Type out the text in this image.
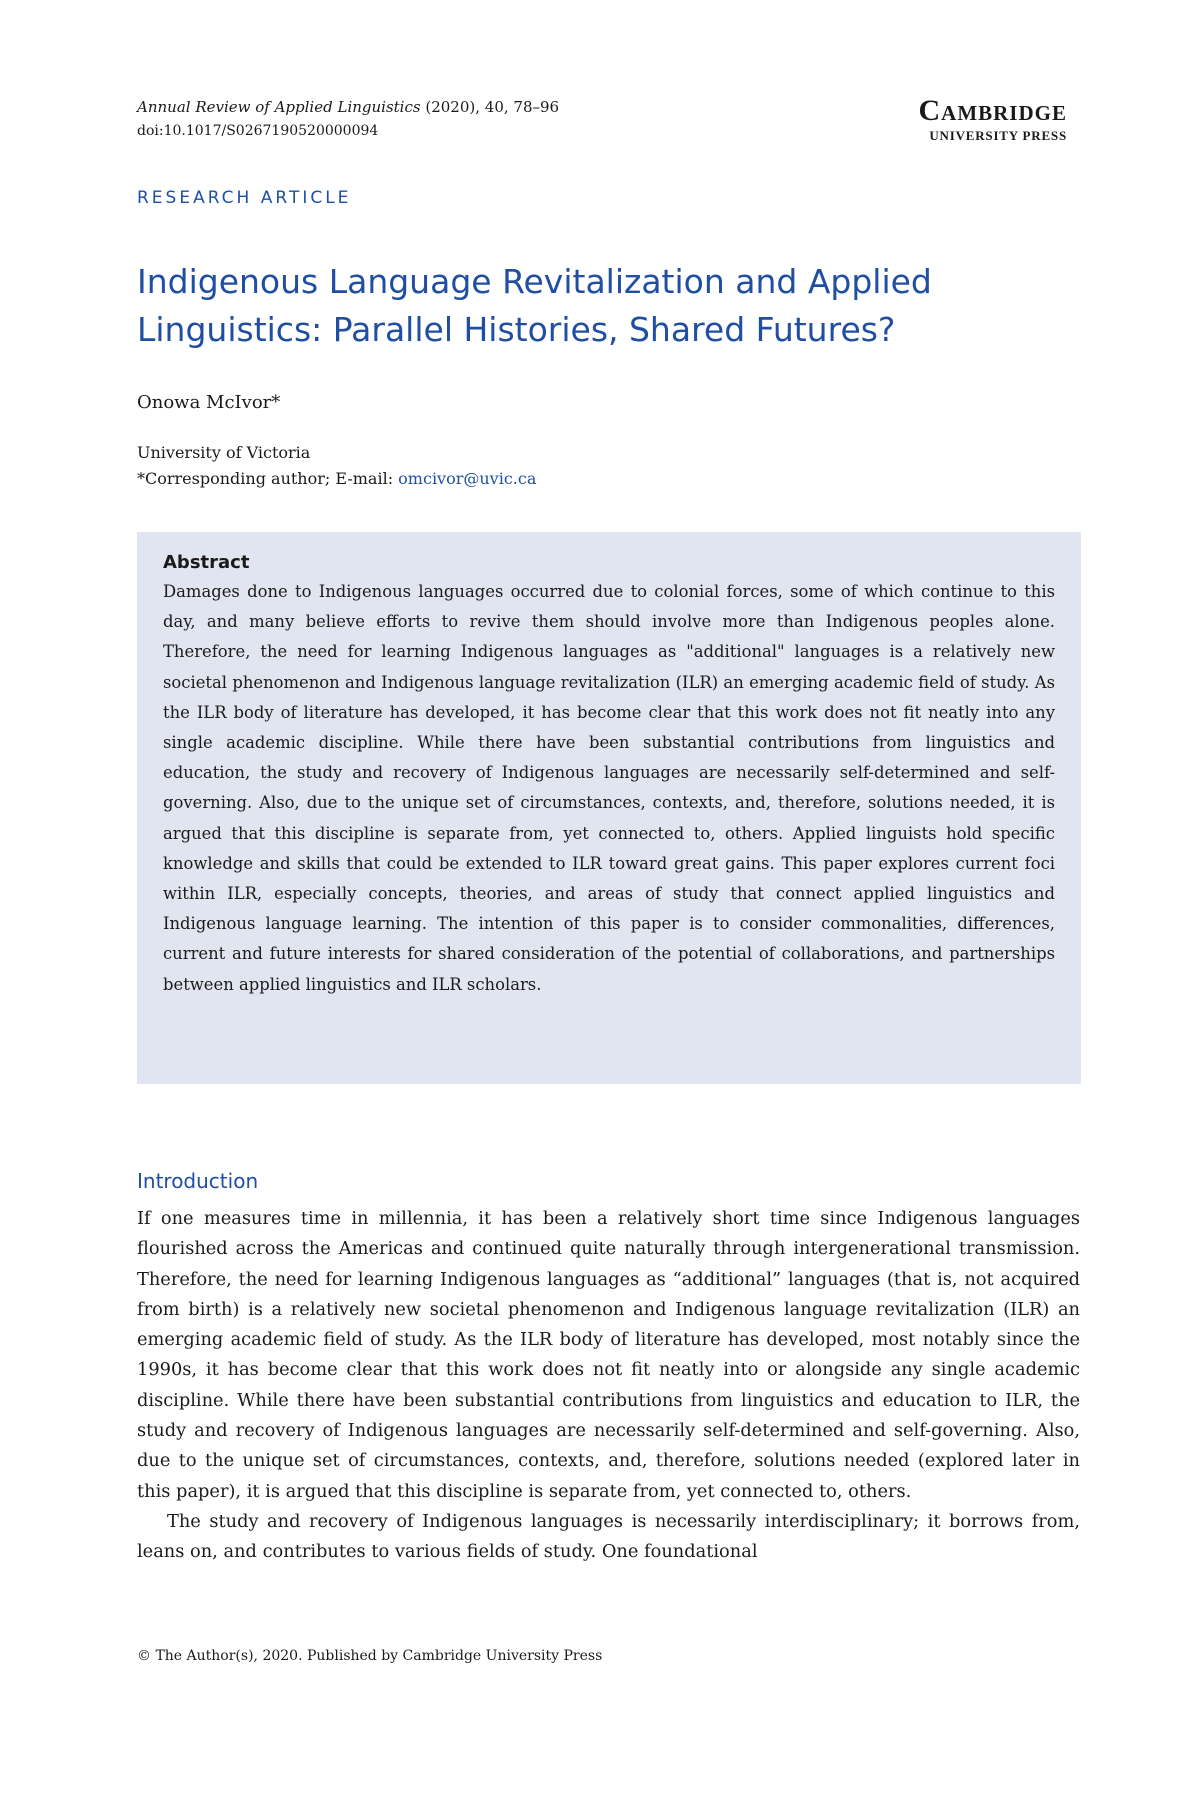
Annual Review of Applied Linguistics (2020), 40, 78–96
doi:10.1017/S0267190520000094
Cambridge
UNIVERSITY PRESS
RESEARCH ARTICLE
Indigenous Language Revitalization and Applied Linguistics: Parallel Histories, Shared Futures?
Onowa McIvor*
University of Victoria
*Corresponding author; E-mail: omcivor@uvic.ca
Abstract

Damages done to Indigenous languages occurred due to colonial forces, some of which continue to this day, and many believe efforts to revive them should involve more than Indigenous peoples alone. Therefore, the need for learning Indigenous languages as "additional" languages is a relatively new societal phenomenon and Indigenous language revitalization (ILR) an emerging academic field of study. As the ILR body of literature has developed, it has become clear that this work does not fit neatly into any single academic discipline. While there have been substantial contributions from linguistics and education, the study and recovery of Indigenous languages are necessarily self-determined and self-governing. Also, due to the unique set of circumstances, contexts, and, therefore, solutions needed, it is argued that this discipline is separate from, yet connected to, others. Applied linguists hold specific knowledge and skills that could be extended to ILR toward great gains. This paper explores current foci within ILR, especially concepts, theories, and areas of study that connect applied linguistics and Indigenous language learning. The intention of this paper is to consider commonalities, differences, current and future interests for shared consideration of the potential of collaborations, and partnerships between applied linguistics and ILR scholars.

Introduction

If one measures time in millennia, it has been a relatively short time since Indigenous languages flourished across the Americas and continued quite naturally through intergenerational transmission. Therefore, the need for learning Indigenous languages as “additional” languages (that is, not acquired from birth) is a relatively new societal phenomenon and Indigenous language revitalization (ILR) an emerging academic field of study. As the ILR body of literature has developed, most notably since the 1990s, it has become clear that this work does not fit neatly into or alongside any single academic discipline. While there have been substantial contributions from linguistics and education to ILR, the study and recovery of Indigenous languages are necessarily self-determined and self-governing. Also, due to the unique set of circumstances, contexts, and, therefore, solutions needed (explored later in this paper), it is argued that this discipline is separate from, yet connected to, others.

The study and recovery of Indigenous languages is necessarily interdisciplinary; it borrows from, leans on, and contributes to various fields of study. One foundational

© The Author(s), 2020. Published by Cambridge University Press
